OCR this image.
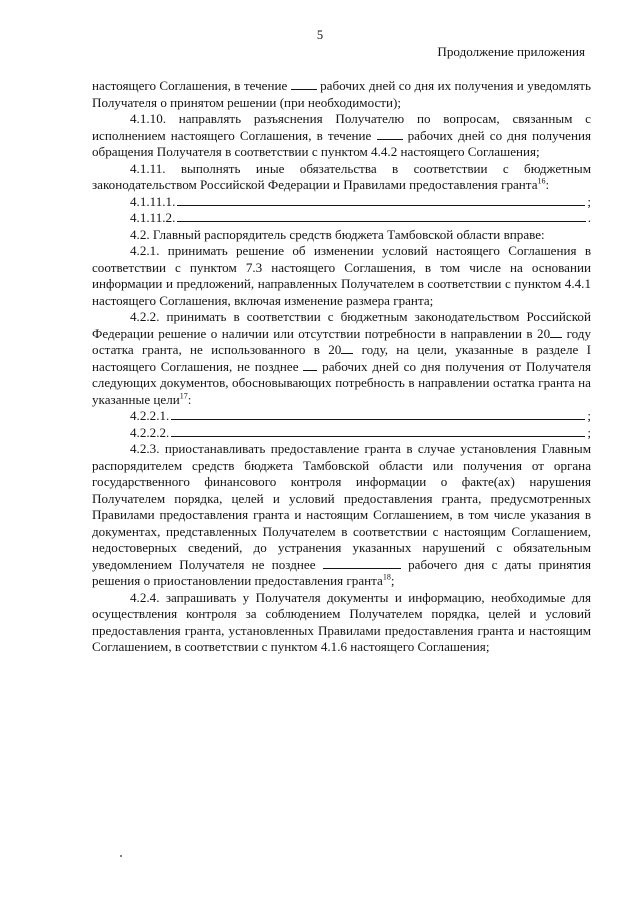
5
Продолжение приложения

настоящего Соглашения, в течение  рабочих дней со дня их получения и уведомлять Получателя о принятом решении (при необходимости);

4.1.10. направлять разъяснения Получателю по вопросам, связанным с исполнением настоящего Соглашения, в течение  рабочих дней со дня получения обращения Получателя в соответствии с пунктом 4.4.2 настоящего Соглашения;

4.1.11. выполнять иные обязательства в соответствии с бюджетным законодательством Российской Федерации и Правилами предоставления гранта$^{16}$:

4.1.11.1.	;
4.1.11.2.	.

4.2. Главный распорядитель средств бюджета Тамбовской области вправе:

4.2.1. принимать решение об изменении условий настоящего Соглашения в соответствии с пунктом 7.3 настоящего Соглашения, в том числе на основании информации и предложений, направленных Получателем в соответствии с пунктом 4.4.1 настоящего Соглашения, включая изменение размера гранта;

4.2.2. принимать в соответствии с бюджетным законодательством Российской Федерации решение о наличии или отсутствии потребности в направлении в 20 году остатка гранта, не использованного в 20 году, на цели, указанные в разделе I настоящего Соглашения, не позднее  рабочих дней со дня получения от Получателя следующих документов, обосновывающих потребность в направлении остатка гранта на указанные цели$^{17}$:

4.2.2.1.	;
4.2.2.2.	;

4.2.3. приостанавливать предоставление гранта в случае установления Главным распорядителем средств бюджета Тамбовской области или получения от органа государственного финансового контроля информации о факте(ах) нарушения Получателем порядка, целей и условий предоставления гранта, предусмотренных Правилами предоставления гранта и настоящим Соглашением, в том числе указания в документах, представленных Получателем в соответствии с настоящим Соглашением, недостоверных сведений, до устранения указанных нарушений с обязательным уведомлением Получателя не позднее	рабочего дня с даты принятия решения о приостановлении предоставления гранта$^{18}$;

4.2.4. запрашивать у Получателя документы и информацию, необходимые для осуществления контроля за соблюдением Получателем порядка, целей и условий предоставления гранта, установленных Правилами предоставления гранта и настоящим Соглашением, в соответствии с пунктом 4.1.6 настоящего Соглашения;
